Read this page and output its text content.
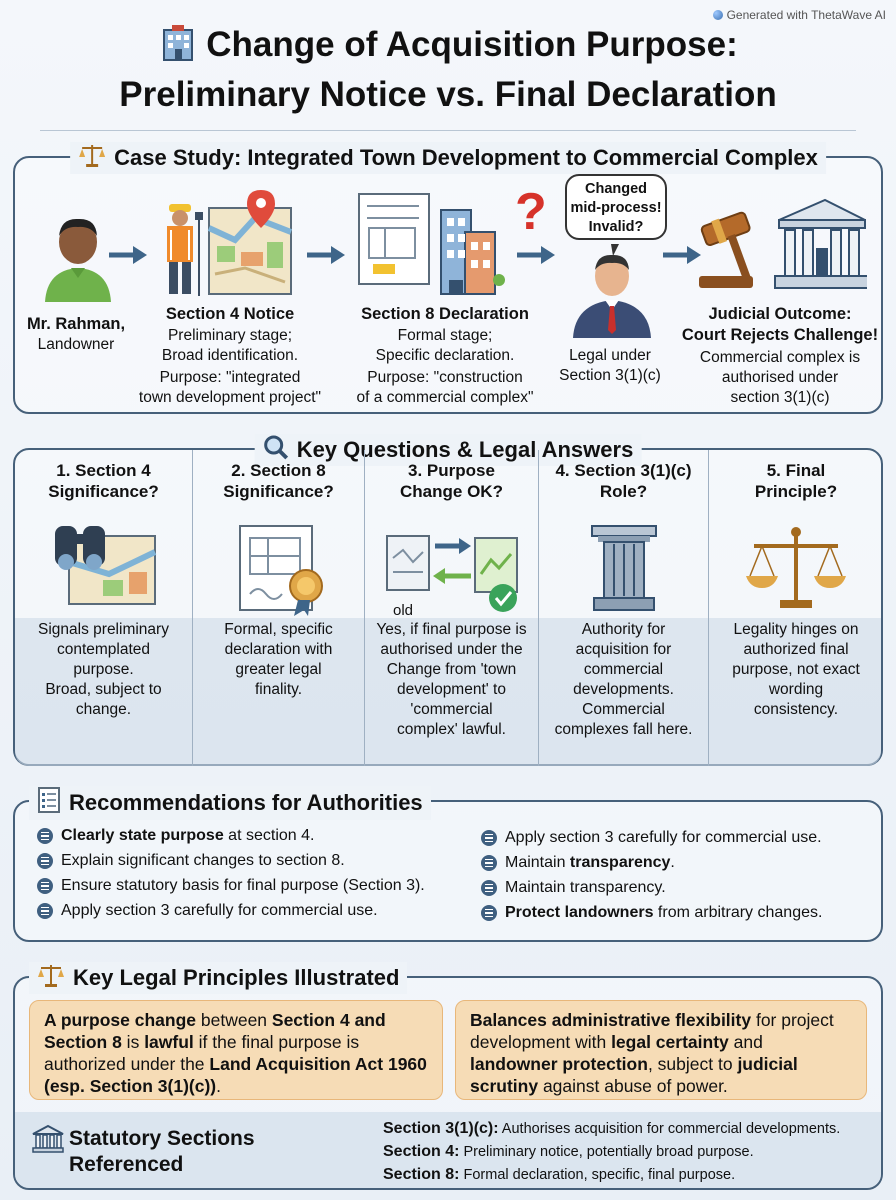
Generated with ThetaWave AI
Change of Acquisition Purpose:
Preliminary Notice vs. Final Declaration
Case Study: Integrated Town Development to Commercial Complex
Mr. Rahman,
Landowner
Section 4 Notice
Preliminary stage;
Broad identification.
Purpose: "integrated
town development project"
Section 8 Declaration
Formal stage;
Specific declaration.
Purpose: "construction
of a commercial complex"
?	Changed
mid-process!
Invalid?
Legal under
Section 3(1)(c)
Judicial Outcome:
Court Rejects Challenge!
Commercial complex is
authorised under
section 3(1)(c)
Key Questions & Legal Answers
1. Section 4
Significance?
Signals preliminary
contemplated
purpose.
Broad, subject to
change.
2. Section 8
Significance?
Formal, specific
declaration with
greater legal
finality.
3. Purpose
Change OK?
old
Yes, if final purpose is
authorised under the
Change from 'town
development' to
'commercial
complex' lawful.
4. Section 3(1)(c)
Role?
Authority for
acquisition for
commercial
developments.
Commercial
complexes fall here.
5. Final
Principle?
Legality hinges on
authorized final
purpose, not exact
wording
consistency.
Recommendations for Authorities
Clearly state purpose at section 4.
Explain significant changes to section 8.
Ensure statutory basis for final purpose (Section 3).
Apply section 3 carefully for commercial use.
Apply section 3 carefully for commercial use.
Maintain transparency.
Maintain transparency.
Protect landowners from arbitrary changes.
Key Legal Principles Illustrated
A purpose change between Section 4 and Section 8 is lawful if the final purpose is authorized under the Land Acquisition Act 1960 (esp. Section 3(1)(c)).
Balances administrative flexibility for project development with legal certainty and landowner protection, subject to judicial scrutiny against abuse of power.
Statutory Sections
Referenced
Section 3(1)(c): Authorises acquisition for commercial developments.
Section 4: Preliminary notice, potentially broad purpose.
Section 8: Formal declaration, specific, final purpose.
